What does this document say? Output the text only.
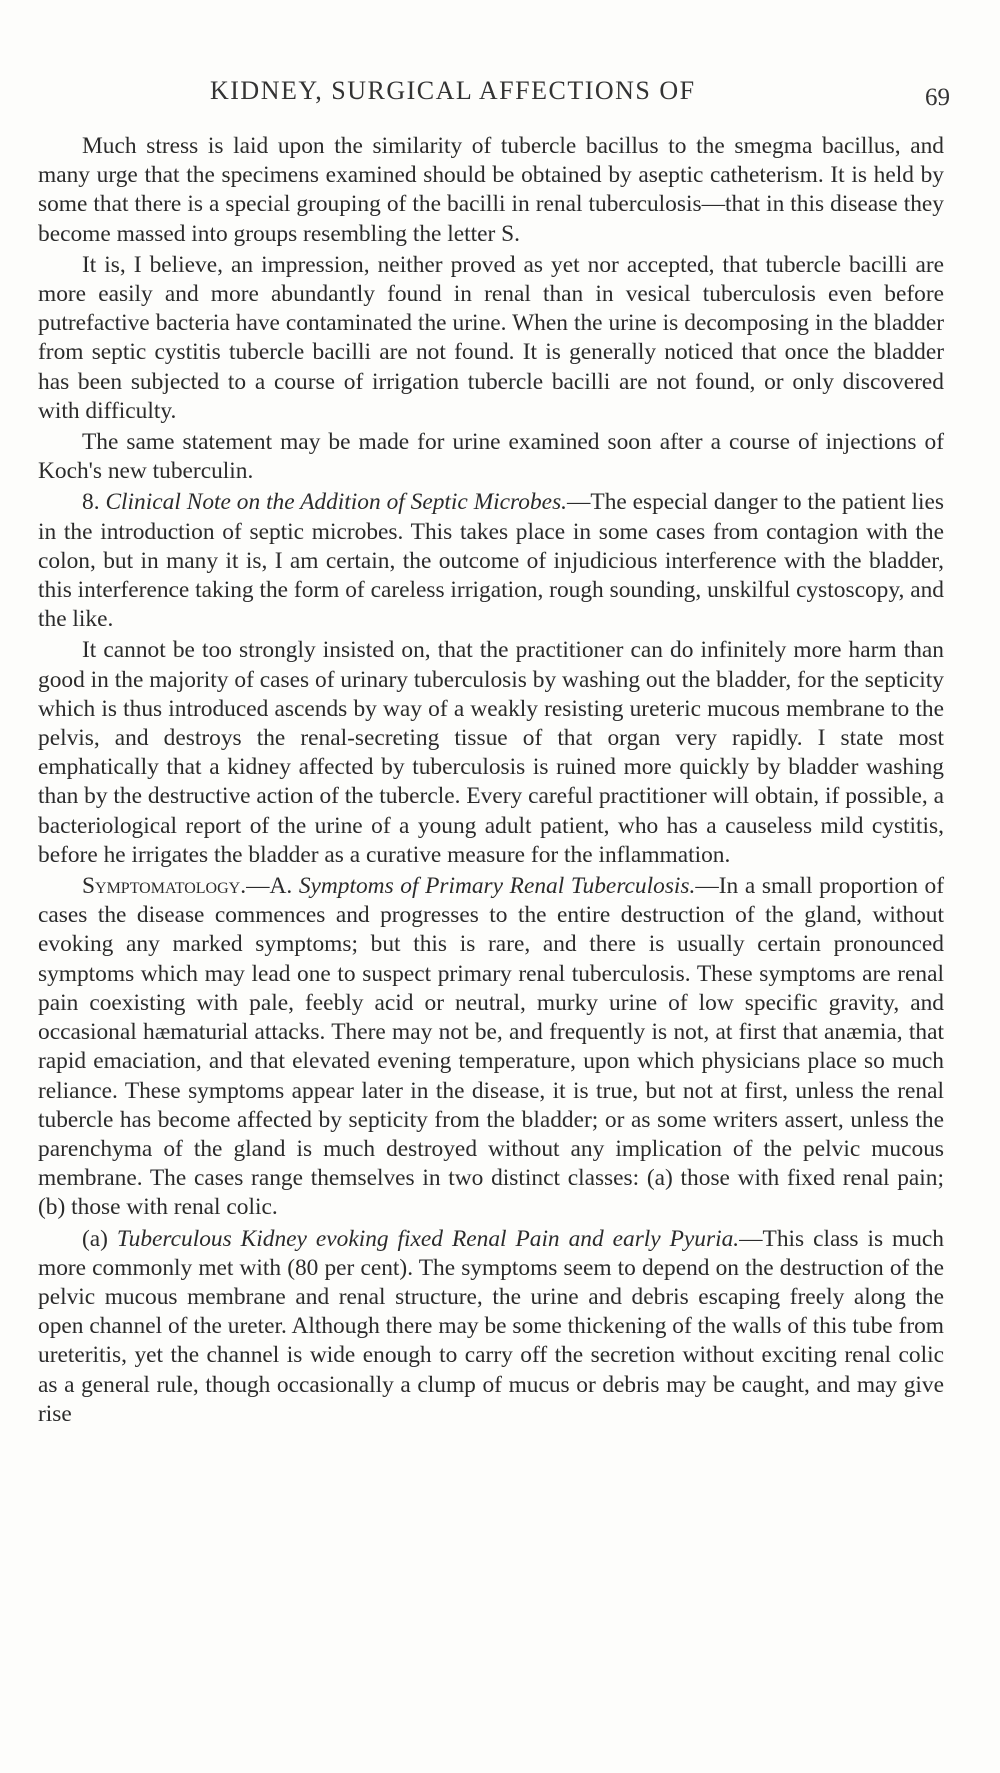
KIDNEY, SURGICAL AFFECTIONS OF	69

Much stress is laid upon the similarity of tubercle bacillus to the smegma bacillus, and many urge that the specimens examined should be obtained by aseptic catheterism. It is held by some that there is a special grouping of the bacilli in renal tuberculosis—that in this disease they become massed into groups resembling the letter S.

It is, I believe, an impression, neither proved as yet nor accepted, that tubercle bacilli are more easily and more abundantly found in renal than in vesical tuberculosis even before putrefactive bacteria have contaminated the urine. When the urine is decomposing in the bladder from septic cystitis tubercle bacilli are not found. It is generally noticed that once the bladder has been subjected to a course of irrigation tubercle bacilli are not found, or only discovered with difficulty.

The same statement may be made for urine examined soon after a course of injections of Koch's new tuberculin.

8. Clinical Note on the Addition of Septic Microbes.—The especial danger to the patient lies in the introduction of septic microbes. This takes place in some cases from contagion with the colon, but in many it is, I am certain, the outcome of injudicious interference with the bladder, this interference taking the form of careless irrigation, rough sounding, unskilful cystoscopy, and the like.

It cannot be too strongly insisted on, that the practitioner can do infinitely more harm than good in the majority of cases of urinary tuberculosis by washing out the bladder, for the septicity which is thus introduced ascends by way of a weakly resisting ureteric mucous membrane to the pelvis, and destroys the renal-secreting tissue of that organ very rapidly. I state most emphatically that a kidney affected by tuberculosis is ruined more quickly by bladder washing than by the destructive action of the tubercle. Every careful practitioner will obtain, if possible, a bacteriological report of the urine of a young adult patient, who has a causeless mild cystitis, before he irrigates the bladder as a curative measure for the inflammation.

Symptomatology.—A. Symptoms of Primary Renal Tuberculosis.—In a small proportion of cases the disease commences and progresses to the entire destruction of the gland, without evoking any marked symptoms; but this is rare, and there is usually certain pronounced symptoms which may lead one to suspect primary renal tuberculosis. These symptoms are renal pain coexisting with pale, feebly acid or neutral, murky urine of low specific gravity, and occasional hæmaturial attacks. There may not be, and frequently is not, at first that anæmia, that rapid emaciation, and that elevated evening temperature, upon which physicians place so much reliance. These symptoms appear later in the disease, it is true, but not at first, unless the renal tubercle has become affected by septicity from the bladder; or as some writers assert, unless the parenchyma of the gland is much destroyed without any implication of the pelvic mucous membrane. The cases range themselves in two distinct classes: (a) those with fixed renal pain; (b) those with renal colic.

(a) Tuberculous Kidney evoking fixed Renal Pain and early Pyuria.—This class is much more commonly met with (80 per cent). The symptoms seem to depend on the destruction of the pelvic mucous membrane and renal structure, the urine and debris escaping freely along the open channel of the ureter. Although there may be some thickening of the walls of this tube from ureteritis, yet the channel is wide enough to carry off the secretion without exciting renal colic as a general rule, though occasionally a clump of mucus or debris may be caught, and may give rise
